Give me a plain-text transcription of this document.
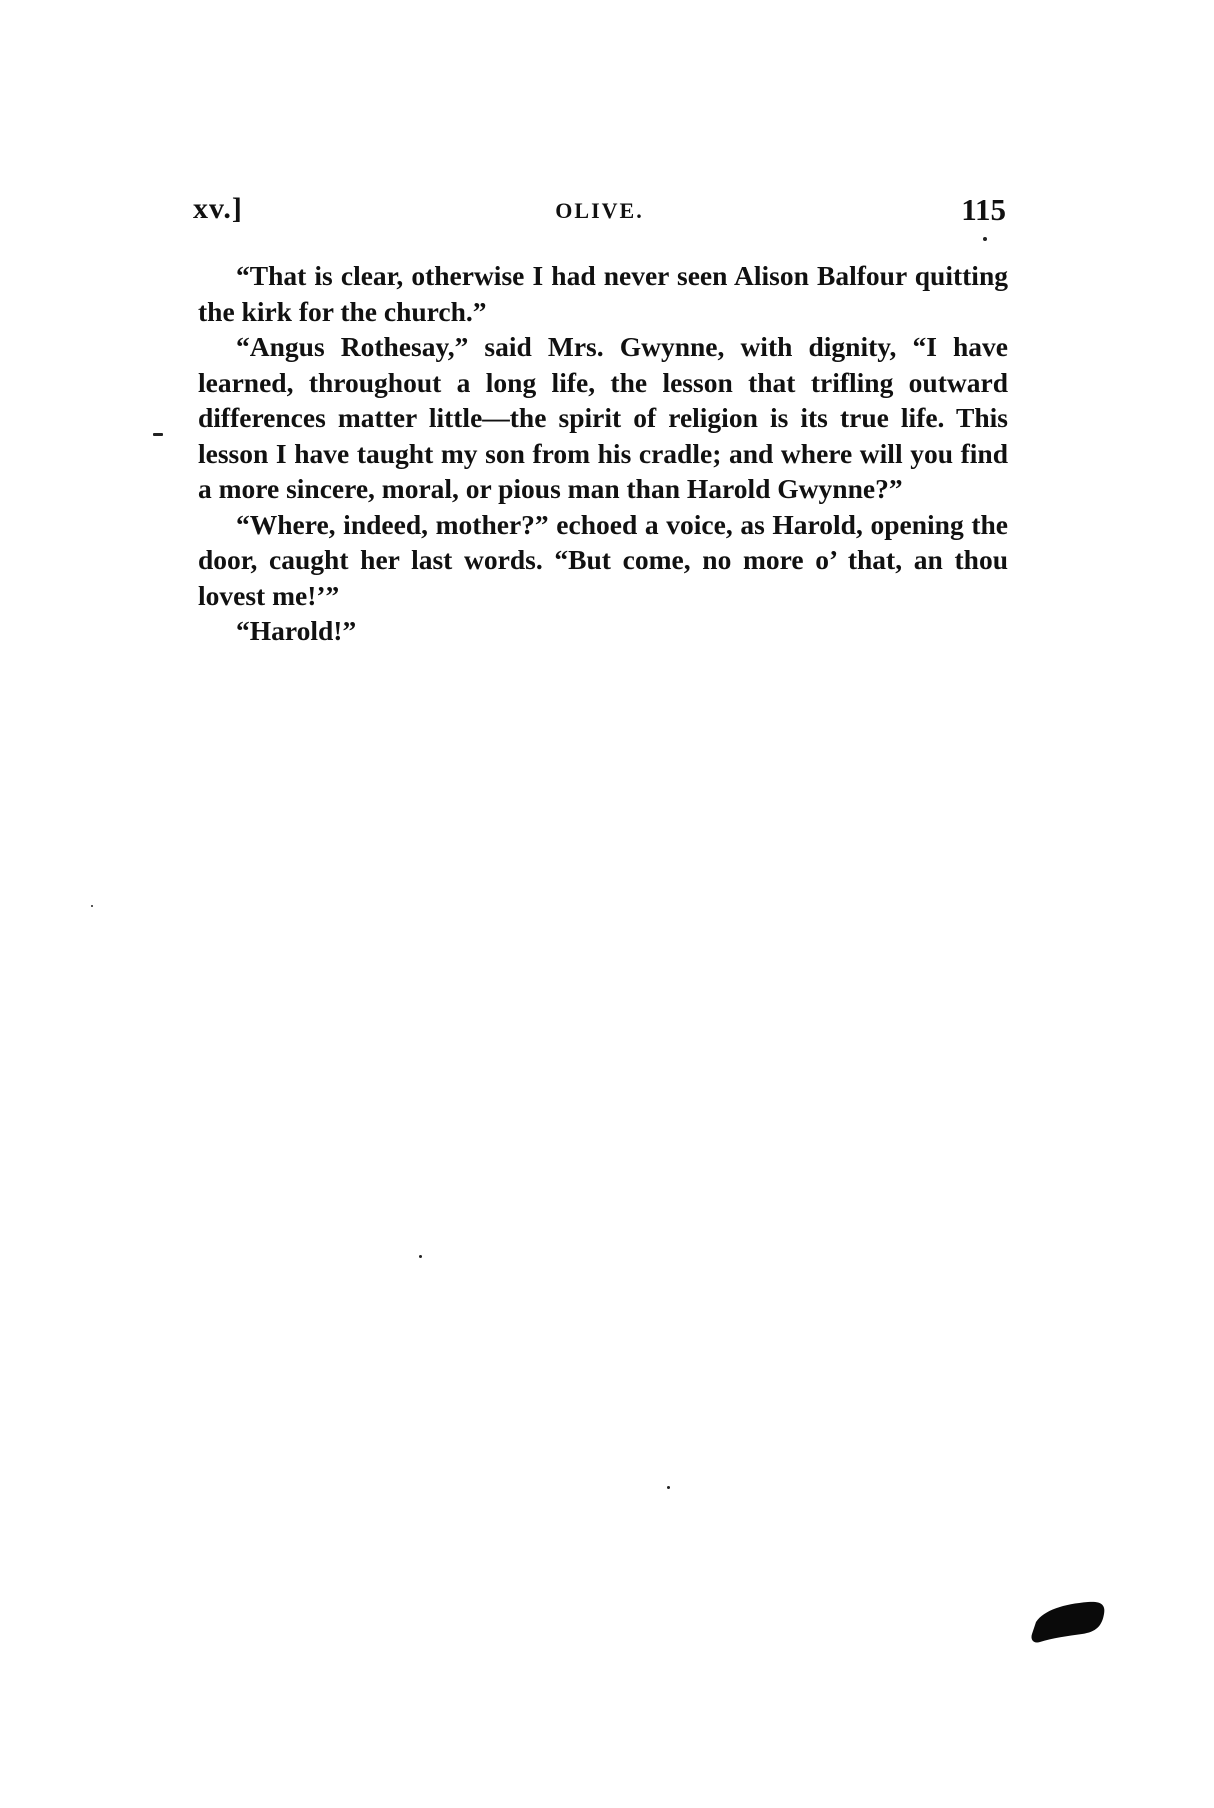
xv.]	OLIVE.	115

“That is clear, otherwise I had never seen Alison Balfour quitting the kirk for the church.”

“Angus Rothesay,” said Mrs. Gwynne, with dignity, “I have learned, throughout a long life, the lesson that trifling outward differences matter little—the spirit of religion is its true life. This lesson I have taught my son from his cradle; and where will you find a more sincere, moral, or pious man than Harold Gwynne?”

“Where, indeed, mother?” echoed a voice, as Harold, opening the door, caught her last words. “But come, no more o’ that, an thou lovest me!’”

“Harold!”
